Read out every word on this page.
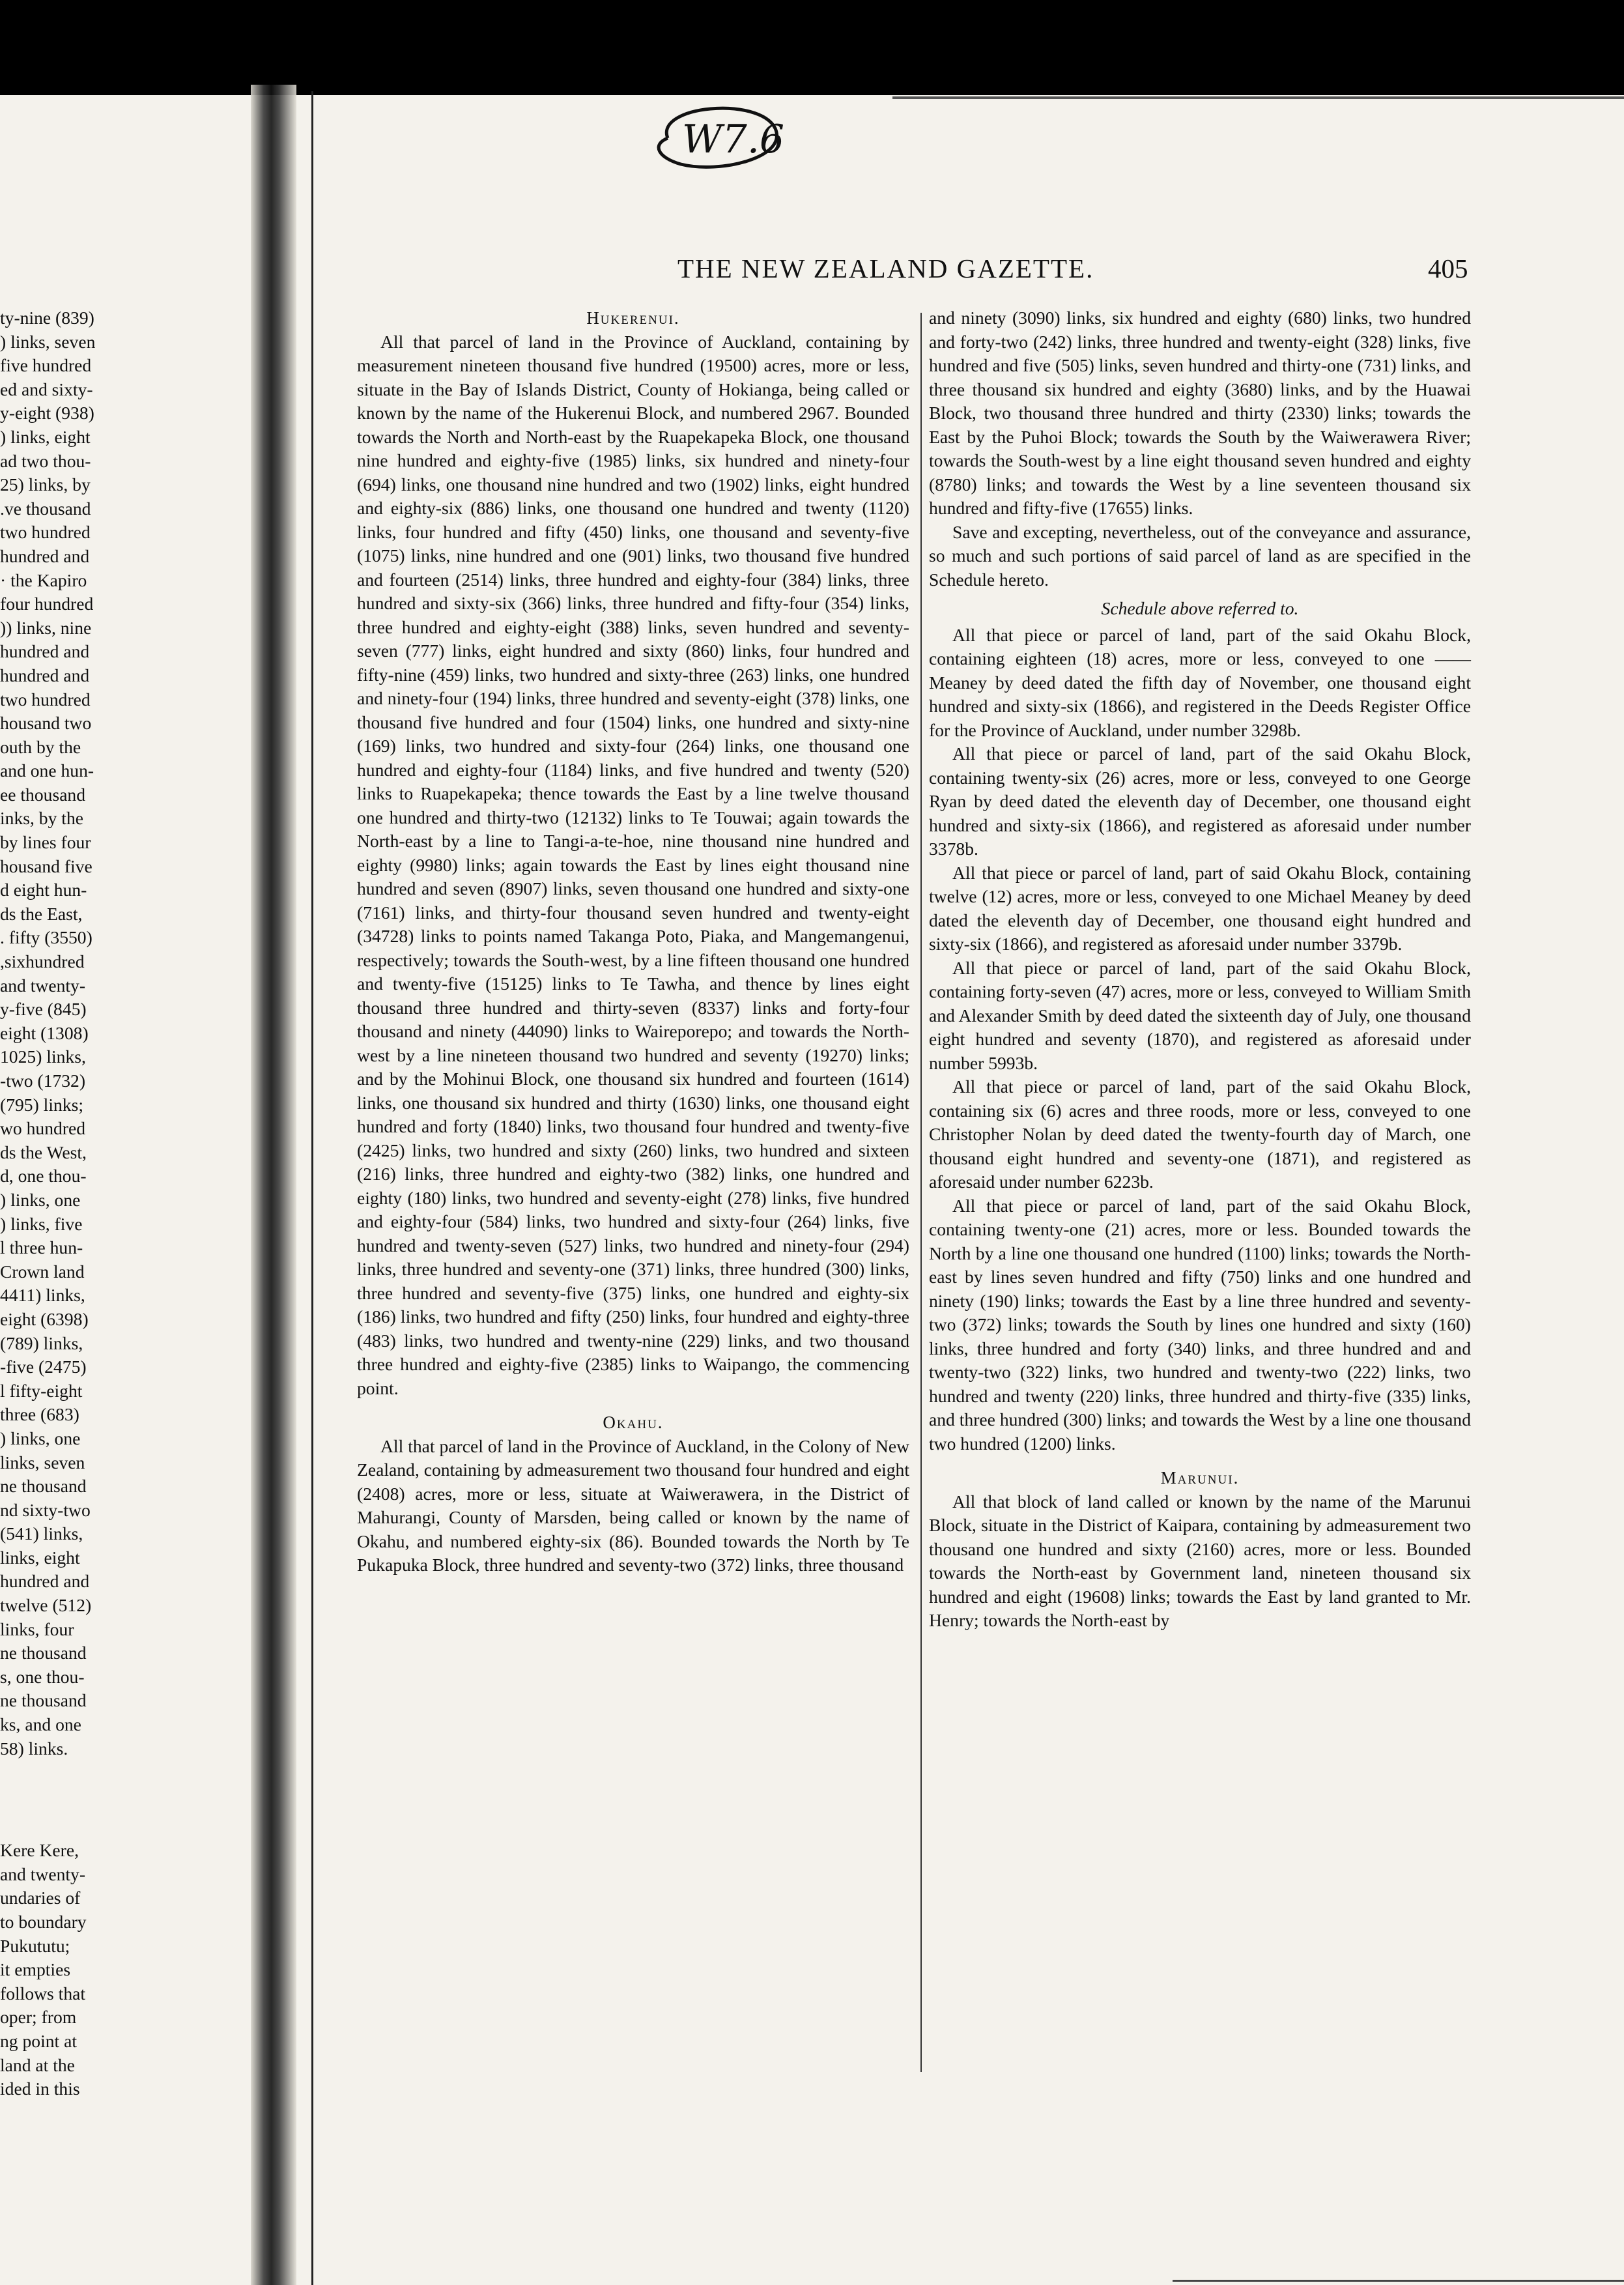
W7.6
THE NEW ZEALAND GAZETTE.	405
ty-nine (839)
) links, seven
five hundred
ed and sixty-
y-eight (938)
) links, eight
ad two thou-
25) links, by
.ve thousand
two hundred
hundred and
· the Kapiro
four hundred
)) links, nine
hundred and
hundred and
two hundred
housand two
outh by the
and one hun-
ee thousand
inks, by the
by lines four
housand five
d eight hun-
ds the East,
. fifty (3550)
,sixhundred
and twenty-
y-five (845)
eight (1308)
1025) links,
-two (1732)
(795) links;
wo hundred
ds the West,
d, one thou-
) links, one
) links, five
l three hun-
Crown land
4411) links,
eight (6398)
(789) links,
-five (2475)
l fifty-eight
three (683)
) links, one
links, seven
ne thousand
nd sixty-two
(541) links,
links, eight
hundred and
twelve (512)
links, four
ne thousand
s, one thou-
ne thousand
ks, and one
58) links.
Kere Kere,
and twenty-
undaries of
to boundary
Pukututu;
it empties
follows that
oper; from
ng point at
land at the
ided in this
Hukerenui.

All that parcel of land in the Province of Auckland, containing by measurement nineteen thousand five hundred (19500) acres, more or less, situate in the Bay of Islands District, County of Hokianga, being called or known by the name of the Hukerenui Block, and numbered 2967. Bounded towards the North and North-east by the Ruapekapeka Block, one thousand nine hundred and eighty-five (1985) links, six hundred and ninety-four (694) links, one thousand nine hundred and two (1902) links, eight hundred and eighty-six (886) links, one thousand one hundred and twenty (1120) links, four hundred and fifty (450) links, one thousand and seventy-five (1075) links, nine hundred and one (901) links, two thousand five hundred and fourteen (2514) links, three hundred and eighty-four (384) links, three hundred and sixty-six (366) links, three hundred and fifty-four (354) links, three hundred and eighty-eight (388) links, seven hundred and seventy-seven (777) links, eight hundred and sixty (860) links, four hundred and fifty-nine (459) links, two hundred and sixty-three (263) links, one hundred and ninety-four (194) links, three hundred and seventy-eight (378) links, one thousand five hundred and four (1504) links, one hundred and sixty-nine (169) links, two hundred and sixty-four (264) links, one thousand one hundred and eighty-four (1184) links, and five hundred and twenty (520) links to Ruapekapeka; thence towards the East by a line twelve thousand one hundred and thirty-two (12132) links to Te Touwai; again towards the North-east by a line to Tangi-a-te-hoe, nine thousand nine hundred and eighty (9980) links; again towards the East by lines eight thousand nine hundred and seven (8907) links, seven thousand one hundred and sixty-one (7161) links, and thirty-four thousand seven hundred and twenty-eight (34728) links to points named Takanga Poto, Piaka, and Mangemangenui, respectively; towards the South-west, by a line fifteen thousand one hundred and twenty-five (15125) links to Te Tawha, and thence by lines eight thousand three hundred and thirty-seven (8337) links and forty-four thousand and ninety (44090) links to Waireporepo; and towards the North-west by a line nineteen thousand two hundred and seventy (19270) links; and by the Mohinui Block, one thousand six hundred and fourteen (1614) links, one thousand six hundred and thirty (1630) links, one thousand eight hundred and forty (1840) links, two thousand four hundred and twenty-five (2425) links, two hundred and sixty (260) links, two hundred and sixteen (216) links, three hundred and eighty-two (382) links, one hundred and eighty (180) links, two hundred and seventy-eight (278) links, five hundred and eighty-four (584) links, two hundred and sixty-four (264) links, five hundred and twenty-seven (527) links, two hundred and ninety-four (294) links, three hundred and seventy-one (371) links, three hundred (300) links, three hundred and seventy-five (375) links, one hundred and eighty-six (186) links, two hundred and fifty (250) links, four hundred and eighty-three (483) links, two hundred and twenty-nine (229) links, and two thousand three hundred and eighty-five (2385) links to Waipango, the commencing point.

Okahu.

All that parcel of land in the Province of Auckland, in the Colony of New Zealand, containing by admeasurement two thousand four hundred and eight (2408) acres, more or less, situate at Waiwerawera, in the District of Mahurangi, County of Marsden, being called or known by the name of Okahu, and numbered eighty-six (86). Bounded towards the North by Te Pukapuka Block, three hundred and seventy-two (372) links, three thousand

and ninety (3090) links, six hundred and eighty (680) links, two hundred and forty-two (242) links, three hundred and twenty-eight (328) links, five hundred and five (505) links, seven hundred and thirty-one (731) links, and three thousand six hundred and eighty (3680) links, and by the Huawai Block, two thousand three hundred and thirty (2330) links; towards the East by the Puhoi Block; towards the South by the Waiwerawera River; towards the South-west by a line eight thousand seven hundred and eighty (8780) links; and towards the West by a line seventeen thousand six hundred and fifty-five (17655) links.

Save and excepting, nevertheless, out of the conveyance and assurance, so much and such portions of said parcel of land as are specified in the Schedule hereto.

Schedule above referred to.

All that piece or parcel of land, part of the said Okahu Block, containing eighteen (18) acres, more or less, conveyed to one —— Meaney by deed dated the fifth day of November, one thousand eight hundred and sixty-six (1866), and registered in the Deeds Register Office for the Province of Auckland, under number 3298b.

All that piece or parcel of land, part of the said Okahu Block, containing twenty-six (26) acres, more or less, conveyed to one George Ryan by deed dated the eleventh day of December, one thousand eight hundred and sixty-six (1866), and registered as aforesaid under number 3378b.

All that piece or parcel of land, part of said Okahu Block, containing twelve (12) acres, more or less, conveyed to one Michael Meaney by deed dated the eleventh day of December, one thousand eight hundred and sixty-six (1866), and registered as aforesaid under number 3379b.

All that piece or parcel of land, part of the said Okahu Block, containing forty-seven (47) acres, more or less, conveyed to William Smith and Alexander Smith by deed dated the sixteenth day of July, one thousand eight hundred and seventy (1870), and registered as aforesaid under number 5993b.

All that piece or parcel of land, part of the said Okahu Block, containing six (6) acres and three roods, more or less, conveyed to one Christopher Nolan by deed dated the twenty-fourth day of March, one thousand eight hundred and seventy-one (1871), and registered as aforesaid under number 6223b.

All that piece or parcel of land, part of the said Okahu Block, containing twenty-one (21) acres, more or less. Bounded towards the North by a line one thousand one hundred (1100) links; towards the North-east by lines seven hundred and fifty (750) links and one hundred and ninety (190) links; towards the East by a line three hundred and seventy-two (372) links; towards the South by lines one hundred and sixty (160) links, three hundred and forty (340) links, and three hundred and and twenty-two (322) links, two hundred and twenty-two (222) links, two hundred and twenty (220) links, three hundred and thirty-five (335) links, and three hundred (300) links; and towards the West by a line one thousand two hundred (1200) links.

Marunui.

All that block of land called or known by the name of the Marunui Block, situate in the District of Kaipara, containing by admeasurement two thousand one hundred and sixty (2160) acres, more or less. Bounded towards the North-east by Government land, nineteen thousand six hundred and eight (19608) links; towards the East by land granted to Mr. Henry; towards the North-east by
